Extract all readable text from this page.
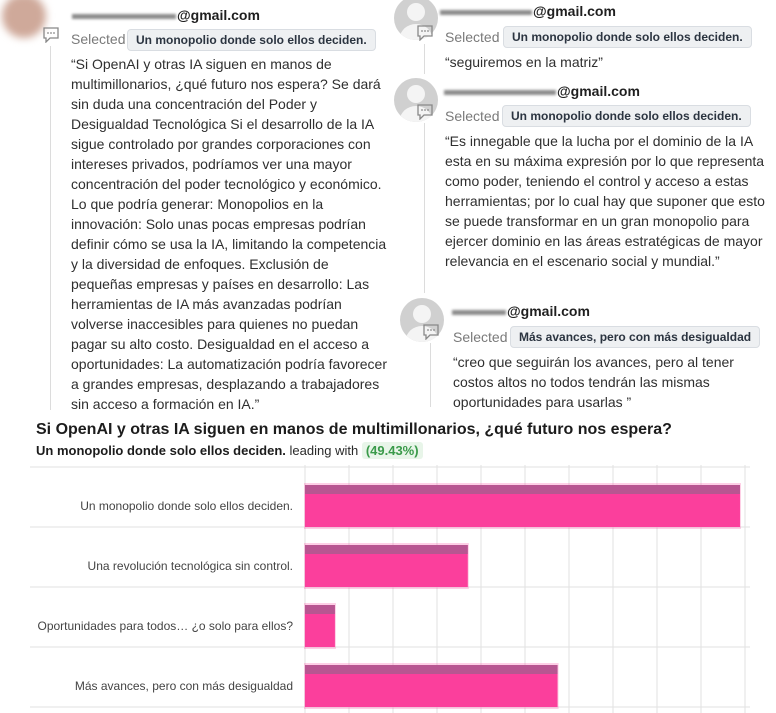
@gmail.com
Selected Un monopolio donde solo ellos deciden.
“Si OpenAI y otras IA siguen en manos de multimillonarios, ¿qué futuro nos espera? Se dará sin duda una concentración del Poder y Desigualdad Tecnológica Si el desarrollo de la IA sigue controlado por grandes corporaciones con intereses privados, podríamos ver una mayor concentración del poder tecnológico y económico. Lo que podría generar: Monopolios en la innovación: Solo unas pocas empresas podrían definir cómo se usa la IA, limitando la competencia y la diversidad de enfoques. Exclusión de pequeñas empresas y países en desarrollo: Las herramientas de IA más avanzadas podrían volverse inaccesibles para quienes no puedan pagar su alto costo. Desigualdad en el acceso a oportunidades: La automatización podría favorecer a grandes empresas, desplazando a trabajadores sin acceso a formación en IA.”
@gmail.com
Selected	Un monopolio donde solo ellos deciden.
“seguiremos en la matriz”
@gmail.com
Selected Un monopolio donde solo ellos deciden.
“Es innegable que la lucha por el dominio de la IA esta en su máxima expresión por lo que representa como poder, teniendo el control y acceso a estas herramientas; por lo cual hay que suponer que esto se puede transformar en un gran monopolio para ejercer dominio en las áreas estratégicas de mayor relevancia en el escenario social y mundial.”
@gmail.com
Selected Más avances, pero con más desigualdad
“creo que seguirán los avances, pero al tener costos altos no todos tendrán las mismas oportunidades para usarlas ”
Si OpenAI y otras IA siguen en manos de multimillonarios, ¿qué futuro nos espera?
Un monopolio donde solo ellos deciden. leading with (49.43%)
Un monopolio donde solo ellos deciden.
Una revolución tecnológica sin control.
Oportunidades para todos… ¿o solo para ellos?
Más avances, pero con más desigualdad
